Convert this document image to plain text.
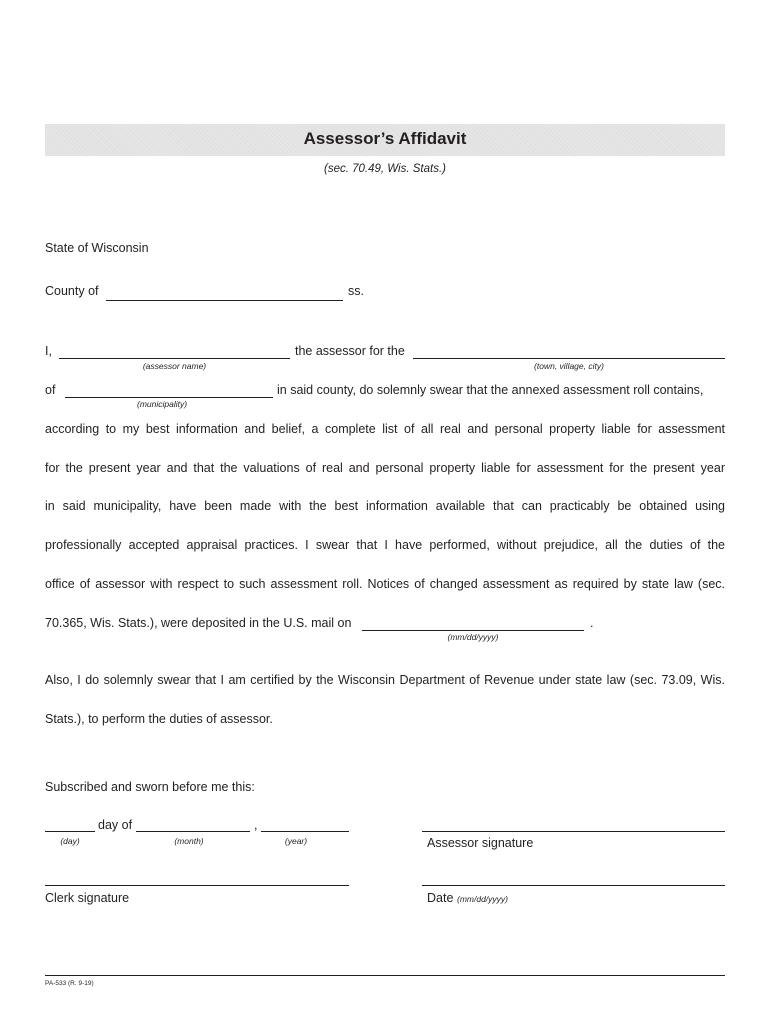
Assessor’s Affidavit
(sec. 70.49, Wis. Stats.)
State of Wisconsin
County of	ss.
I,
(assessor name)
the assessor for the
(town, village, city)
of
(municipality)
in said county, do solemnly swear that the annexed assessment roll contains,
according to my best information and belief, a complete list of all real and personal property liable for assessment
for the present year and that the valuations of real and personal property liable for assessment for the present year
in said municipality, have been made with the best information available that can practicably be obtained using
professionally accepted appraisal practices. I swear that I have performed, without prejudice, all the duties of the
office of assessor with respect to such assessment roll. Notices of changed assessment as required by state law (sec.
70.365, Wis. Stats.), were deposited in the U.S. mail on	.
(mm/dd/yyyy)
Also, I do solemnly swear that I am certified by the Wisconsin Department of Revenue under state law (sec. 73.09, Wis.
Stats.), to perform the duties of assessor.
Subscribed and sworn before me this:
day of	,
(day)	(month)	(year)	Assessor signature
Clerk signature	Date (mm/dd/yyyy)
PA-533 (R. 9-19)
